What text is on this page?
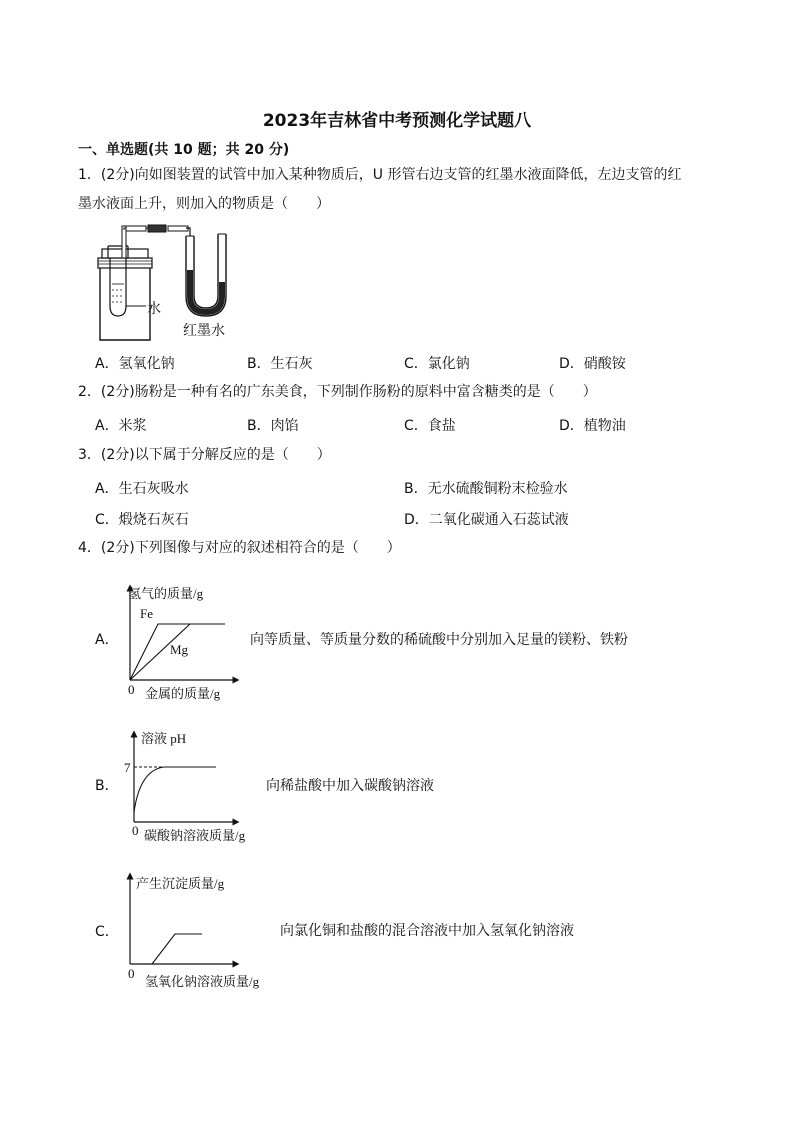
2023年吉林省中考预测化学试题八
一、单选题(共 10 题；共 20 分)
1．(2分)向如图装置的试管中加入某种物质后，U 形管右边支管的红墨水液面降低，左边支管的红
墨水液面上升，则加入的物质是（　　）
水
红墨水
A．氢氧化钠	B．生石灰	C．氯化钠	D．硝酸铵
2．(2分)肠粉是一种有名的广东美食，下列制作肠粉的原料中富含糖类的是（　　）
A．米浆	B．肉馅	C．食盐	D．植物油
3．(2分)以下属于分解反应的是（　　）
A．生石灰吸水	B．无水硫酸铜粉末检验水
C．煅烧石灰石	D．二氧化碳通入石蕊试液
4．(2分)下列图像与对应的叙述相符合的是（　　）
A．
氢气的质量/g
Fe
Mg
0 金属的质量/g
向等质量、等质量分数的稀硫酸中分别加入足量的镁粉、铁粉
B．
溶液 pH
7
0 碳酸钠溶液质量/g
向稀盐酸中加入碳酸钠溶液
C．
产生沉淀质量/g
0
氢氧化钠溶液质量/g
向氯化铜和盐酸的混合溶液中加入氢氧化钠溶液
